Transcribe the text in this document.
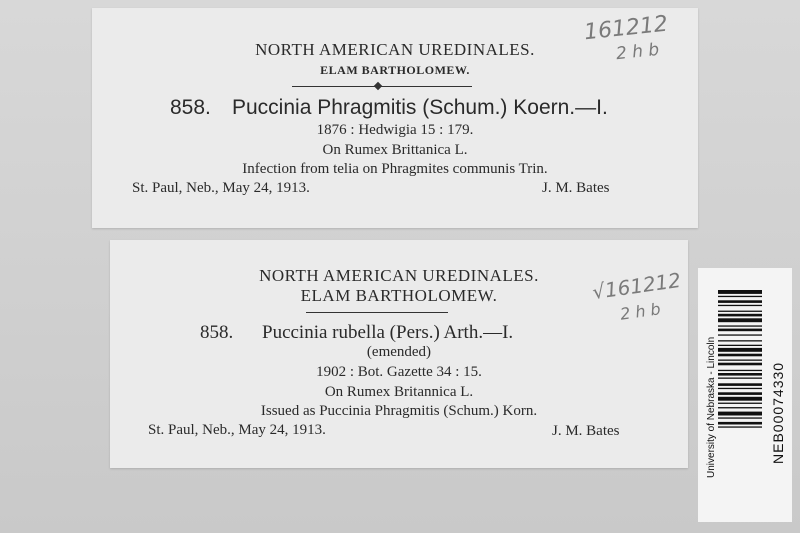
NORTH AMERICAN UREDINALES.
ELAM BARTHOLOMEW.
858. Puccinia Phragmitis (Schum.) Koern.—I.
1876 : Hedwigia 15 : 179.
On Rumex Brittanica L.
Infection from telia on Phragmites communis Trin.
St. Paul, Neb., May 24, 1913.	J. M. Bates
161212
2 h b
NORTH AMERICAN UREDINALES.
ELAM BARTHOLOMEW.
858. Puccinia rubella (Pers.) Arth.—I.
(emended)
1902 : Bot. Gazette 34 : 15.
On Rumex Britannica L.
Issued as Puccinia Phragmitis (Schum.) Korn.
St. Paul, Neb., May 24, 1913.	J. M. Bates
√161212
2 h b
University of Nebraska - Lincoln	NEB00074330
